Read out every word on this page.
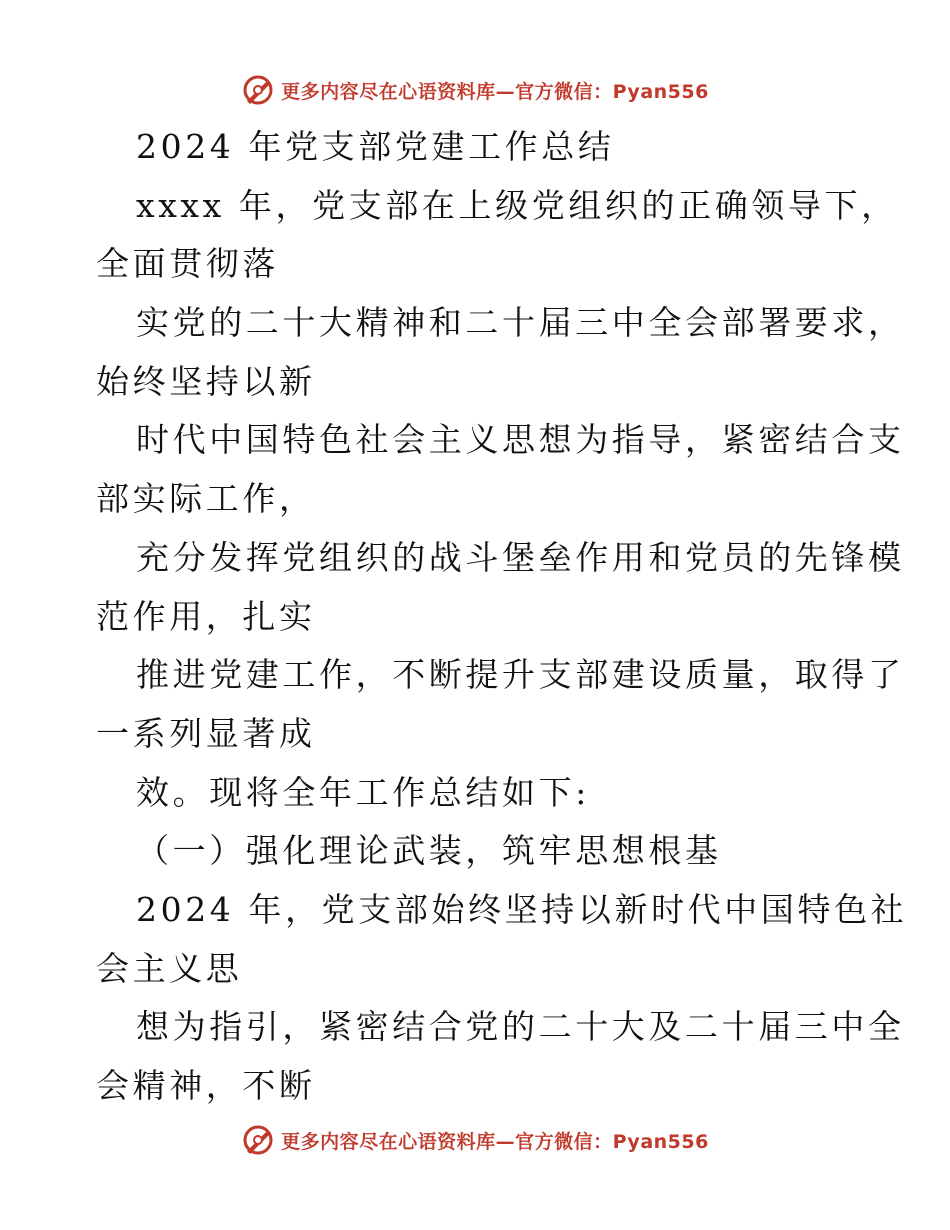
更多内容尽在心语资料库—官方微信：Pyan556
2024 年党支部党建工作总结
xxxx 年，党支部在上级党组织的正确领导下，
全面贯彻落
实党的二十大精神和二十届三中全会部署要求，
始终坚持以新
时代中国特色社会主义思想为指导，紧密结合支
部实际工作，
充分发挥党组织的战斗堡垒作用和党员的先锋模
范作用，扎实
推进党建工作，不断提升支部建设质量，取得了
一系列显著成
效。现将全年工作总结如下:
（一）强化理论武装，筑牢思想根基
2024 年，党支部始终坚持以新时代中国特色社
会主义思
想为指引，紧密结合党的二十大及二十届三中全
会精神，不断
更多内容尽在心语资料库—官方微信：Pyan556
